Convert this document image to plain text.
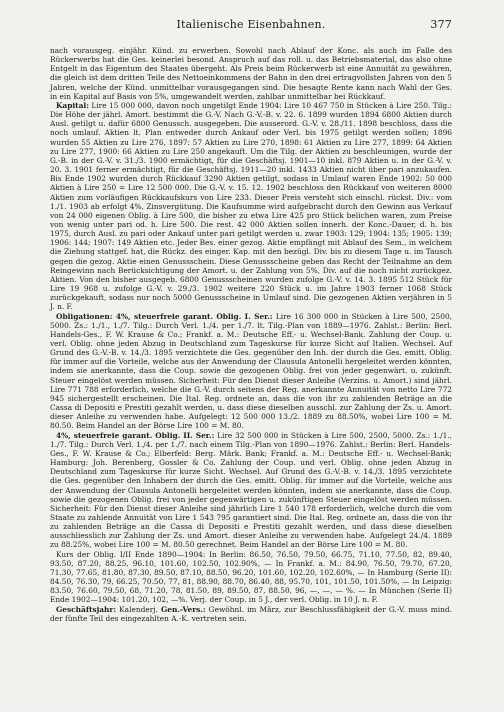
Italienische Eisenbahnen.	377

nach vorausgeg. einjähr. Künd. zu erwerben. Sowohl nach Ablauf der Konc. als auch im Falle des Rückerwerbs hat die Ges. keinerlei besond. Anspruch auf das roll. u. das Betriebsmaterial, das also ohne Entgelt in das Eigentum des Staates übergeht. Als Preis beim Rückerwerb ist eine Annuität zu gewähren, die gleich ist dem dritten Teile des Nettoeinkommens der Bahn in den drei ertragvollsten Jahren von den 5 Jahren, welche der Künd. unmittelbar vorausgegangen sind. Die besagte Rente kann nach Wahl der Ges. in ein Kapital auf Basis von 5%, umgewandelt werden, zahlbar unmittelbar bei Rückkauf.

Kapital: Lire 15 000 000, davon noch ungetilgt Ende 1904: Lire 10 467 750 in Stücken à Lire 250. Tilg.: Die Höhe der jährl. Amort. bestimmt die G.-V. Nach G.-V.-B. v. 22. 6. 1899 wurden 1894 6800 Aktien durch Ausl. getilgt u. dafür 6800 Genussch. ausgegeben. Die ausserord. G.-V. v. 28./11. 1898 beschloss, dass die noch umlauf. Aktien lt. Plan entweder durch Ankauf oder Verl. bis 1975 getilgt werden sollen; 1896 wurden 55 Aktien zu Lire 276, 1897: 57 Aktien zu Lire 270, 1898: 61 Aktien zu Lire 277, 1899: 64 Aktien zu Lire 277, 1900: 66 Aktien zu Lire 250 angekauft. Um die Tilg. der Aktien zu beschleunigen, wurde der G.-B. in der G.-V. v. 31./3. 1900 ermächtigt, für die Geschäftsj. 1901—10 inkl. 879 Aktien u. in der G.-V. v. 20. 3. 1901 ferner ermächtigt, für die Geschäftsj. 1911—20 inkl. 1433 Aktien nicht über pari anzukaufen. Bis Ende 1902 wurden durch Rückkauf 3290 Aktien getilgt, sodass in Umlauf waren Ende 1902: 50 000 Aktien à Lire 250 = Lire 12 500 000. Die G.-V. v. 15. 12. 1902 beschloss den Rückkauf von weiteren 8000 Aktien zum vorläufigen Rückkaufskurs von Lire 233. Dieser Preis versteht sich einschl. rückst. Div.: vom 1./1. 1903 ab erfolgt 4%, Zinsvergütung. Die Kaufsumme wird aufgebracht durch den Gewinn aus Verkauf von 24 000 eigenen Oblig. à Lire 500, die bisher zu etwa Lire 425 pro Stück belichen waren, zum Preise von wenig unter pari od. h. Lire 500. Die rest. 42 000 Aktien sollen innerh. der Konc.-Dauer, d. h. bis 1975, durch Ausl. zu pari oder Ankauf unter pari getilgt werden u. zwar 1903: 129; 1904: 135; 1905: 139; 1906: 144; 1907: 149 Aktien etc. Jeder Bes. einer gezog. Aktie empfängt mit Ablauf des Sem., in welchem die Ziehung stattgef. hat, die Rückz. des einger. Kap. mit den bezügl. Div. bis zu diesem Tage u. im Tausch gegen die gezog. Aktie einen Genussschein. Diese Genussscheine geben das Recht der Teilnahme an dem Reingewinn nach Berücksichtigung der Amort. u. der Zahlung von 5%, Div. auf die noch nicht zurückgez. Aktien. Von den bisher ausgegeb. 6800 Genussscheinen wurden zufolge G.-V. v. 14. 3. 1895 512 Stück für Lire 19 968 u. zufolge G.-V. v. 29./3. 1902 weitere 220 Stück u. im Jahre 1903 ferner 1068 Stück zurückgekauft, sodass nur noch 5000 Genussscheine in Umlauf sind. Die gezogenen Aktien verjähren in 5 J. n. F.

Obligationen: 4%, steuerfreie garant. Oblig. I. Ser.: Lire 16 300 000 in Stücken à Lire 500, 2500, 5000. Zs.: 1./1., 1./7. Tilg.: Durch Verl. 1./4. per 1./7. lt. Tilg.-Plan von 1889—1976. Zahlst.: Berlin: Berl. Handels-Ges., F. W. Krause & Co.; Frankf. a. M.: Deutsche Eff.- u. Wechsel-Bank. Zahlung der Coup. u. verl. Oblig. ohne jeden Abzug in Deutschland zum Tageskurse für kurze Sicht auf Italien. Wechsel. Auf Grund des G.-V.-B. v. 14./3. 1895 verzichtete die Ges. gegenüber den Inh. der durch die Ges. emitt. Oblig. für immer auf die Vorteile, welche aus der Anwendung der Clausula Antonelli hergeleitet werden könnten, indem sie anerkannte, dass die Coup. sowie die gezogenen Oblig. frei von jeder gegenwärt. u. zukünft. Steuer eingelöst werden müssen. Sicherheit: Für den Dienst dieser Anleihe (Verzins. u. Amort.) sind jährl. Lire 771 788 erforderlich, welche die G.-V. durch seitens der Reg. anerkannte Annuität von netto Lire 772 945 sichergestellt erscheinen. Die Ital. Reg. ordnete an, dass die von ihr zu zahlenden Beträge an die Cassa di Depositi e Prestiti gezahlt werden, u. dass diese dieselben ausschl. zur Zahlung der Zs. u. Amort. dieser Anleihe zu verwenden habe. Aufgelegt: 12 500 000 13./2. 1889 zu 88.50%, wobei Lire 100 = M. 80.50. Beim Handel an der Börse Lire 100 = M. 80.

4%, steuerfreie garant. Oblig. II. Ser.: Lire 32 500 000 in Stücken à Lire 500, 2500, 5000. Zs.: 1./1., 1./7. Tilg.: Durch Verl. 1./4. per 1./7. nach einem Tilg.-Plan von 1890—1976. Zahlst.: Berlin: Berl. Handels-Ges., F. W. Krause & Co.; Elberfeld: Berg. Märk. Bank; Frankf. a. M.: Deutsche Eff.- u. Wechsel-Bank; Hamburg: Joh. Berenberg, Gossler & Co. Zahlung der Coup. und verl. Oblig. ohne jeden Abzug in Deutschland zum Tageskurse für kurze Sicht. Wechsel. Auf Grund des G.-V.-B. v. 14./3. 1895 verzichtete die Ges. gegenüber den Inhabern der durch die Ges. emitt. Oblig. für immer auf die Vorteile, welche aus der Anwendung der Clausula Antonelli hergeleitet werden könnten, indem sie anerkannte, dass die Coup. sowie die gezogenen Oblig. frei von jeder gegenwärtigen u. zukünftigen Steuer eingelöst werden müssen. Sicherheit: Für den Dienst dieser Anleihe sind jährlich Lire 1 540 178 erforderlich, welche durch die vom Staate zu zahlende Annuität von Lire 1 543 795 garantiert sind. Die Ital. Reg. ordnete an, dass die von ihr zu zahlenden Beträge an die Cassa di Depositi e Prestiti gezahlt werden, und dass diese dieselben ausschliesslich zur Zahlung der Zs. und Amort. dieser Anleihe zu verwenden habe. Aufgelegt 24./4. 1889 zu 88.25%, wobei Lire 100 = M. 80.50 gerechnet. Beim Handel an der Börse Lire 100 = M. 80.

Kurs der Oblig. I/II Ende 1890—1904: In Berlin: 86.50, 76.50, 79.50, 66.75, 71.10, 77.50, 82, 89.40, 93.50, 87.20, 88.25, 96.10, 101.60, 102.50, 102.90%, — In Frankf. a. M.: 84.90, 76.50, 79.70, 67.20, 71.30, 77.65, 81.80, 87.30, 89.50, 87.10, 88.50, 96.20, 101.60, 102.20, 102.60%, — In Hamburg (Serie II): 84.50, 76.30, 79, 66.25, 70.50, 77, 81, 88.90, 88.70, 86.40, 88, 95.70, 101, 101.50, 101.50%, — In Leipzig: 83.50, 76.60, 79.50, 68, 71.20, 78, 81.50, 89, 89.50, 87, 88.50, 96, —, —, — %. — In München (Serie II) Ende 1902—1904: 101.20, 102, —%. Verj. der Coup. in 5 J., der verl. Oblig. in 10 J. n. F.

Geschäftsjahr: Kalenderj. Gen.-Vers.: Gewöhnl. im März, zur Beschlussfähigkeit der G.-V. muss mind. der fünfte Teil des eingezahlten A.-K. vertreten sein.
